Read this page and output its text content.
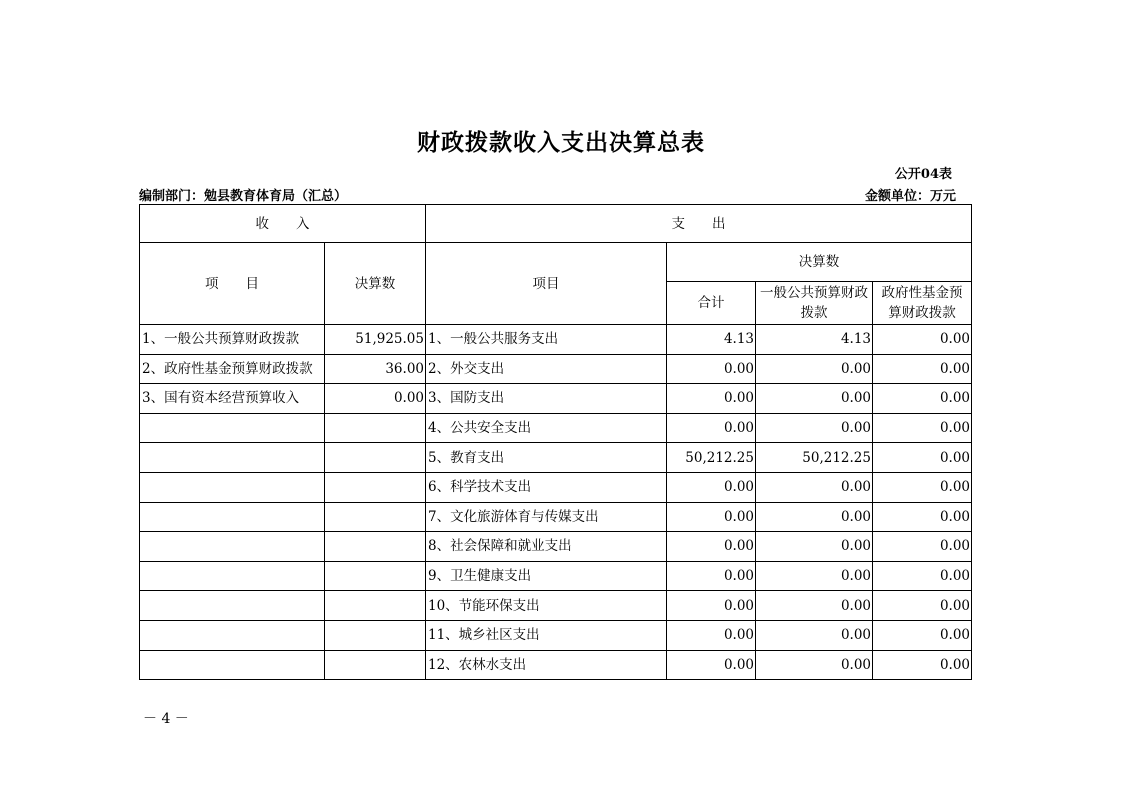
财政拨款收入支出决算总表
公开04表
编制部门：勉县教育体育局（汇总）	金额单位：万元
收　　入		支　　出			
项　　目	决算数	项目	决算数		
			合计	一般公共预算财政拨款	政府性基金预算财政拨款
1、一般公共预算财政拨款	51,925.05	1、一般公共服务支出	4.13	4.13	0.00
2、政府性基金预算财政拨款	36.00	2、外交支出	0.00	0.00	0.00
3、国有资本经营预算收入	0.00	3、国防支出	0.00	0.00	0.00
		4、公共安全支出	0.00	0.00	0.00
		5、教育支出	50,212.25	50,212.25	0.00
		6、科学技术支出	0.00	0.00	0.00
		7、文化旅游体育与传媒支出	0.00	0.00	0.00
		8、社会保障和就业支出	0.00	0.00	0.00
		9、卫生健康支出	0.00	0.00	0.00
		10、节能环保支出	0.00	0.00	0.00
		11、城乡社区支出	0.00	0.00	0.00
		12、农林水支出	0.00	0.00	0.00
－ 4 －
